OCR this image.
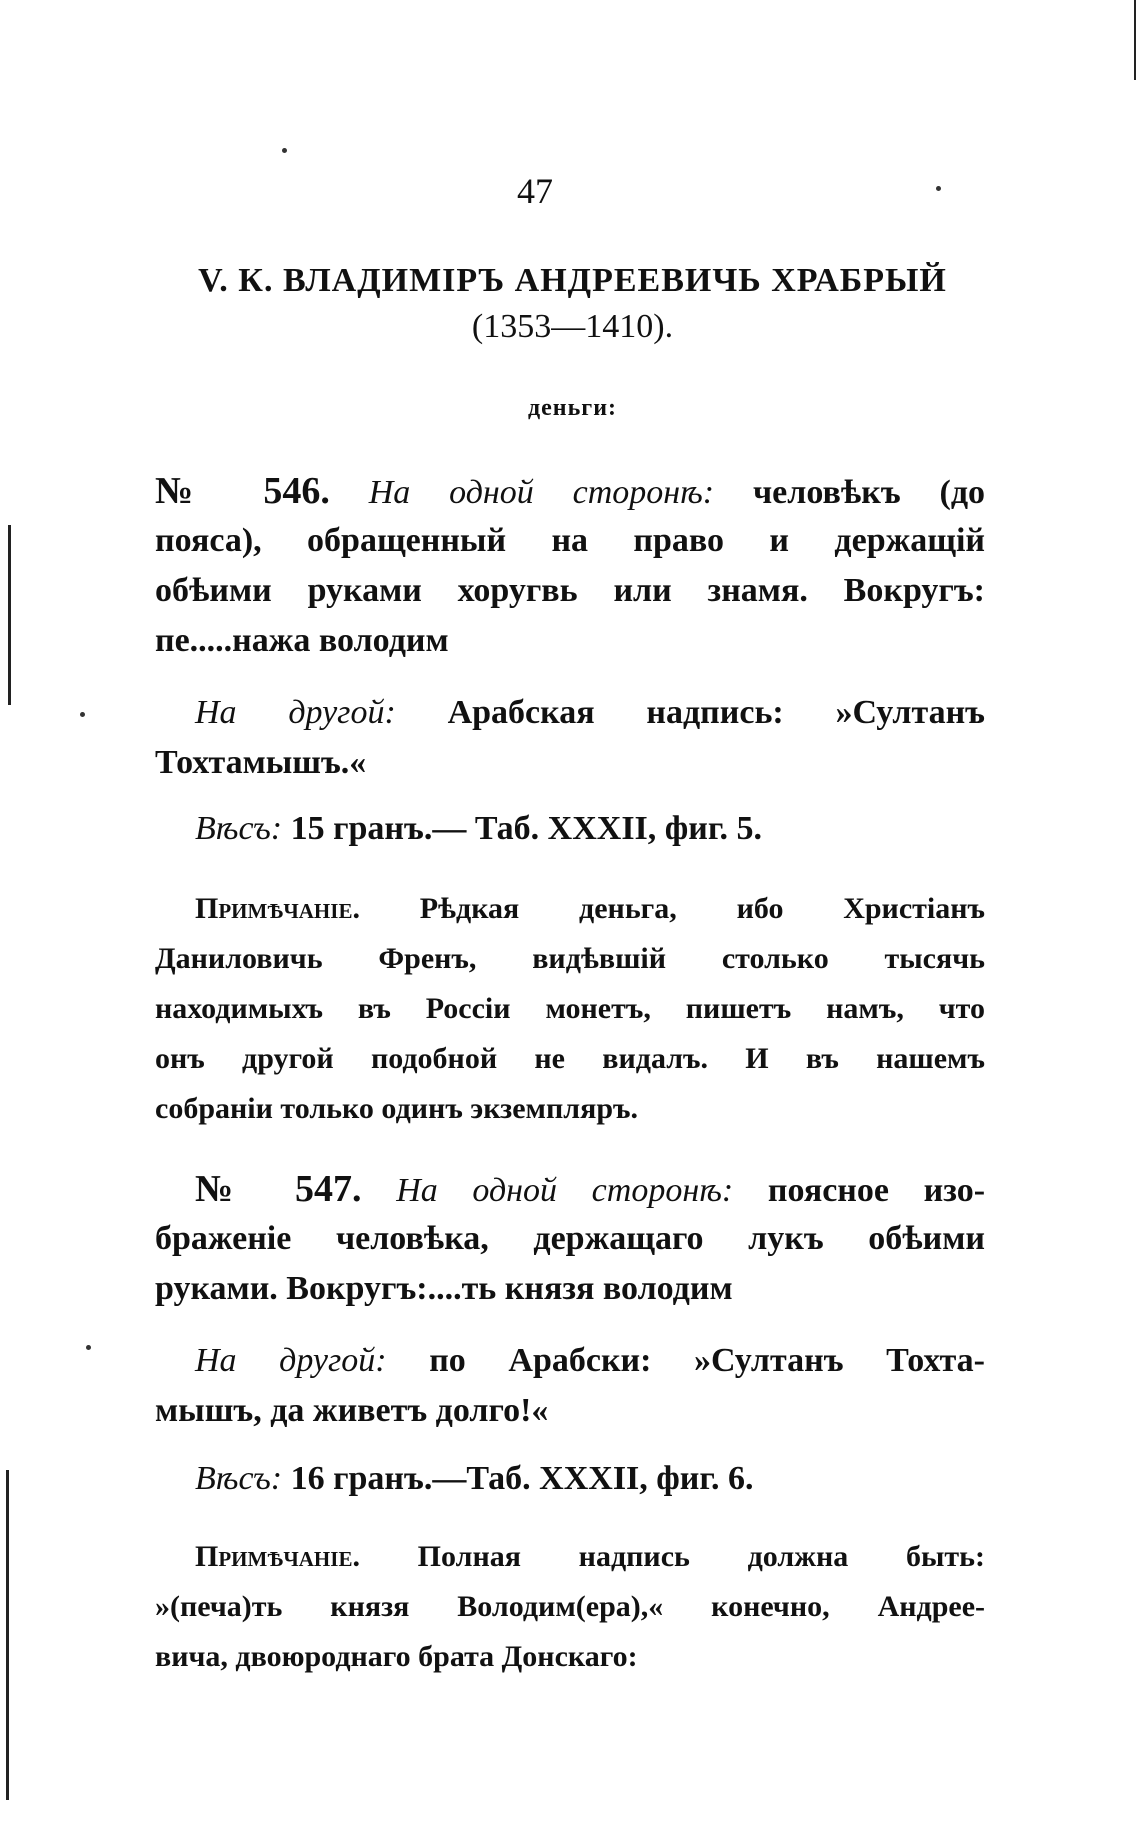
47
V. К. ВЛАДИМІРЪ АНДРЕЕВИЧЬ ХРАБРЫЙ
(1353—1410).
деньги:
№ 546. На одной сторонѣ: человѣкъ (до
пояса), обращенный на право и держащій
обѣими руками хоругвь или знамя. Вокругъ:
пе.....нажа володим
На другой: Арабская надпись: »Султанъ
Тохтамышъ.«
Вѣсъ: 15 гранъ.— Таб. XXXII, фиг. 5.
Примѣчаніе. Рѣдкая деньга, ибо Христіанъ
Даниловичь Френъ, видѣвшій столько тысячь
находимыхъ въ Россіи монетъ, пишетъ намъ, что
онъ другой подобной не видалъ. И въ нашемъ
собраніи только одинъ экземпляръ.
№ 547. На одной сторонѣ: поясное изо-
браженіе человѣка, держащаго лукъ обѣими
руками. Вокругъ:....ть князя володим
На другой: по Арабски: »Султанъ Тохта-
мышъ, да живетъ долго!«
Вѣсъ: 16 гранъ.—Таб. XXXII, фиг. 6.
Примѣчаніе. Полная надпись должна быть:
»(печа)ть князя Володим(ера),« конечно, Андрее-
вича, двоюроднаго брата Донскаго:
